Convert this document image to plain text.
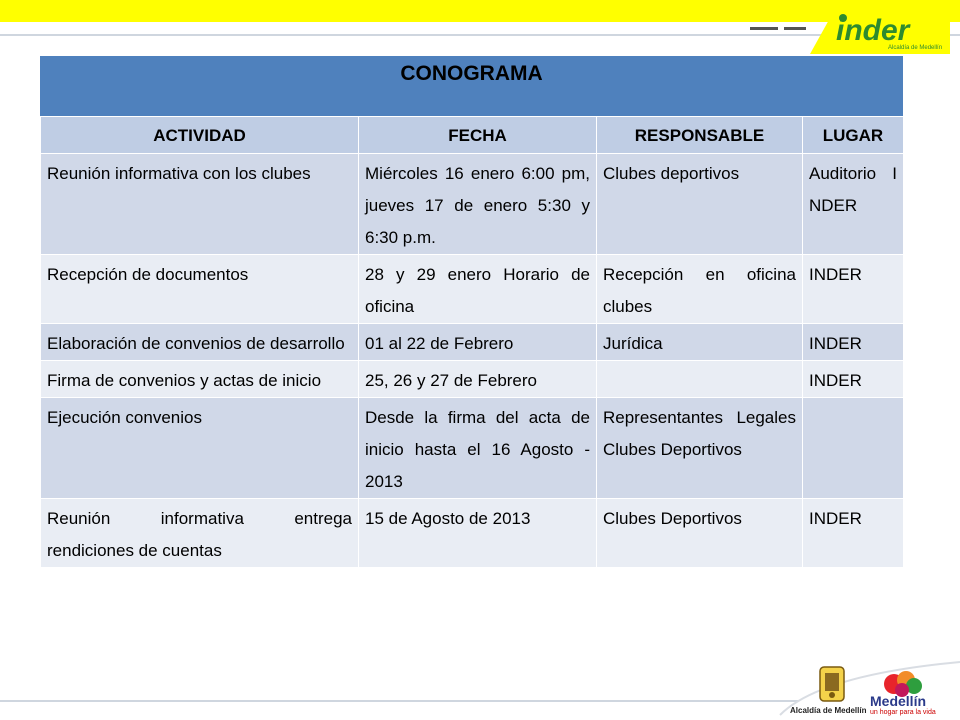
inder
Alcaldía de Medellín
CONOGRAMA
ACTIVIDAD	FECHA	RESPONSABLE	LUGAR
Reunión informativa con los clubes	Miércoles 16 enero 6:00 pm, jueves 17 de enero 5:30 y 6:30 p.m.	Clubes deportivos	Auditorio INDER
Recepción de documentos	28 y 29 enero Horario de oficina	Recepción en oficina clubes	INDER
Elaboración de convenios de desarrollo	01 al 22 de Febrero	Jurídica	INDER
Firma de convenios y actas de inicio	25, 26 y 27 de Febrero		INDER
Ejecución convenios	Desde la firma del acta de inicio hasta el 16 Agosto - 2013	Representantes Legales Clubes Deportivos	
Reunión informativa entrega rendiciones de cuentas	15 de Agosto de 2013	Clubes Deportivos	INDER
Alcaldía de Medellín
Medellín
un hogar para la vida
